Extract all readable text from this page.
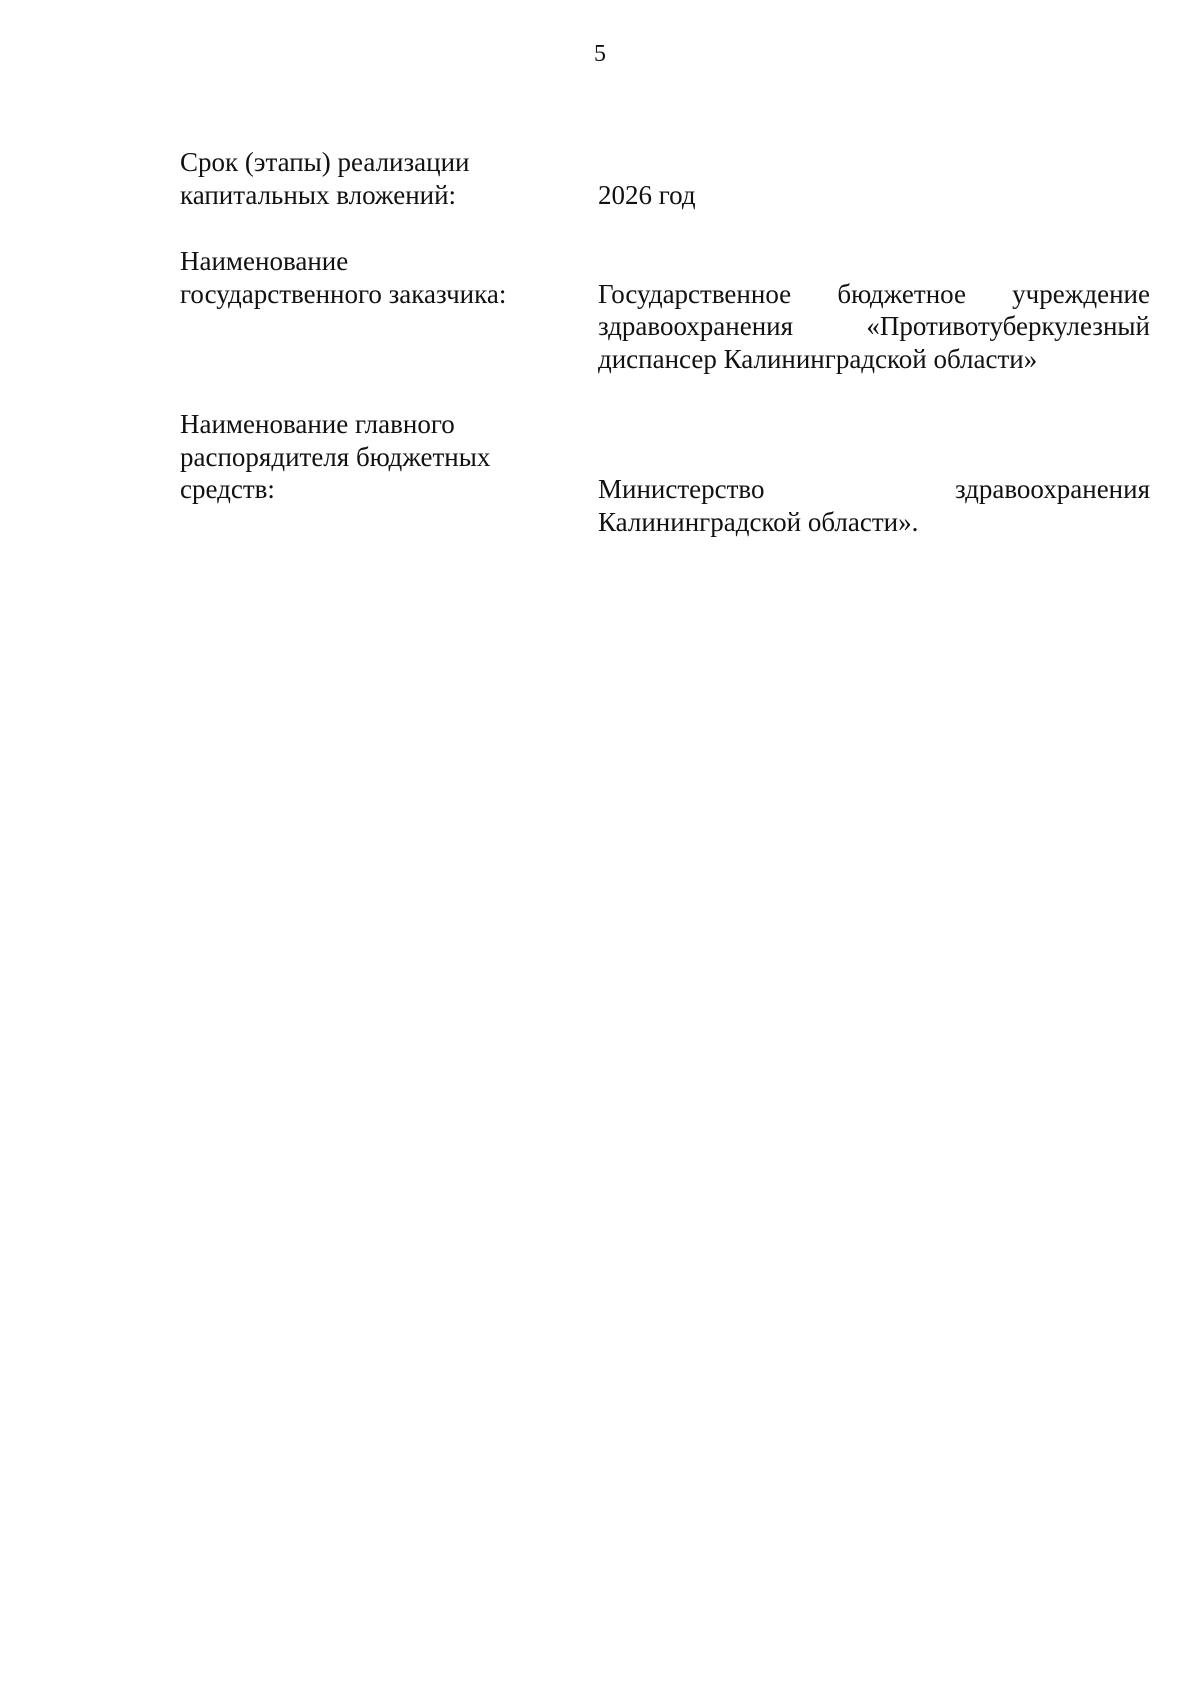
5
Срок (этапы) реализации
капитальных вложений:	2026 год
Наименование
государственного заказчика:	Государственное бюджетное учреждение
здравоохранения «Противотуберкулезный
диспансер Калининградской области»
Наименование главного
распорядителя бюджетных
средств:	Министерство здравоохранения
Калининградской области».
